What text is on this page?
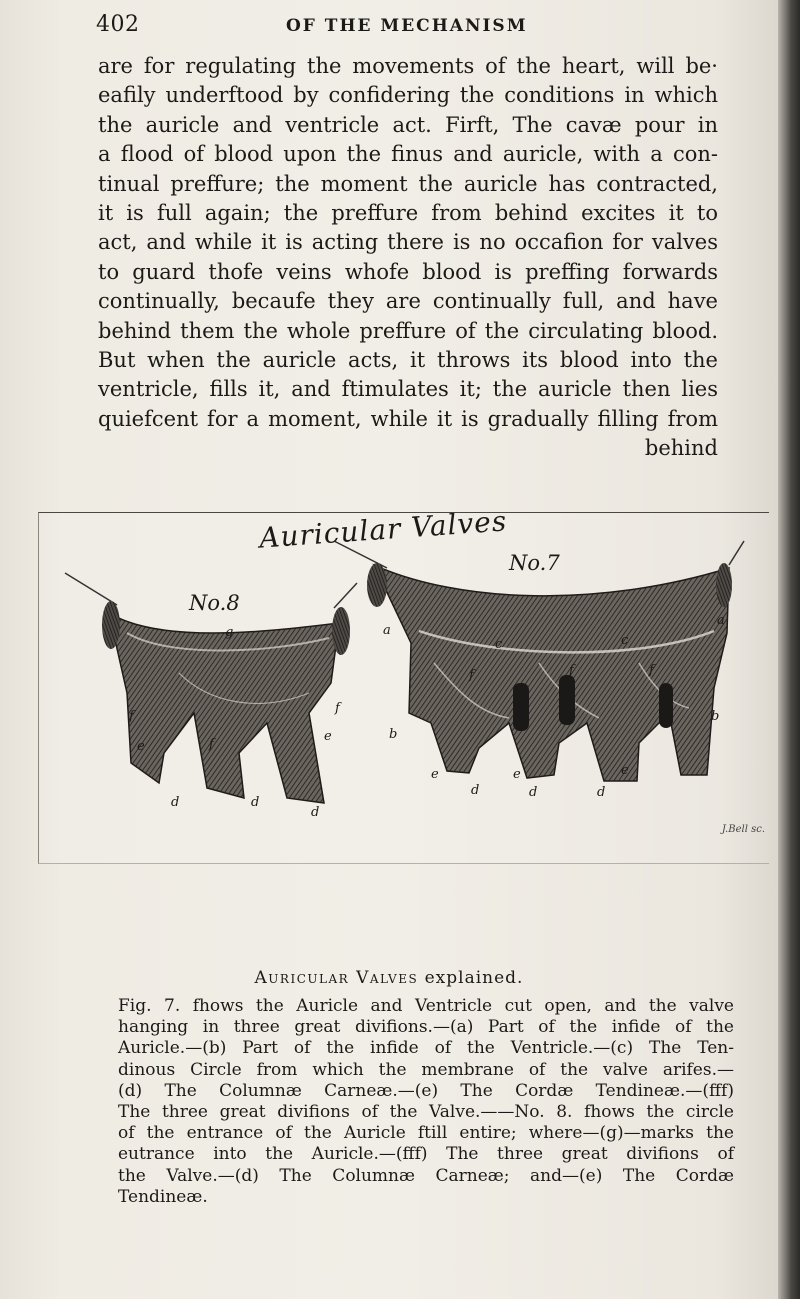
402	OF THE MECHANISM
are for regulating the movements of the heart, will be·
eafily underftood by confidering the conditions in which
the auricle and ventricle act. Firft, The cavæ pour in
a flood of blood upon the finus and auricle, with a con-
tinual preffure; the moment the auricle has contracted,
it is full again; the preffure from behind excites it to
act, and while it is acting there is no occafion for valves
to guard thofe veins whofe blood is preffing forwards
continually, becaufe they are continually full, and have
behind them the whole preffure of the circulating blood.
But when the auricle acts, it throws its blood into the
ventricle, fills it, and ftimulates it; the auricle then lies
quiefcent for a moment, while it is gradually filling from
behind
Auricular Valves
No.8
No.7
g
f
e	f
f
e
d	d
d
a
a
c	c
f	f	f
b
b
e	e	e
d	d	d
J.Bell sc.
Auricular Valves explained.
Fig. 7. fhows the Auricle and Ventricle cut open, and the valve
hanging in three great divifions.—(a) Part of the infide of the
Auricle.—(b) Part of the infide of the Ventricle.—(c) The Ten-
dinous Circle from which the membrane of the valve arifes.—
(d) The Columnæ Carneæ.—(e) The Cordæ Tendineæ.—(fff)
The three great divifions of the Valve.——No. 8. fhows the circle
of the entrance of the Auricle ftill entire; where—(g)—marks the
eutrance into the Auricle.—(fff) The three great divifions of
the Valve.—(d) The Columnæ Carneæ; and—(e) The Cordæ
Tendineæ.
